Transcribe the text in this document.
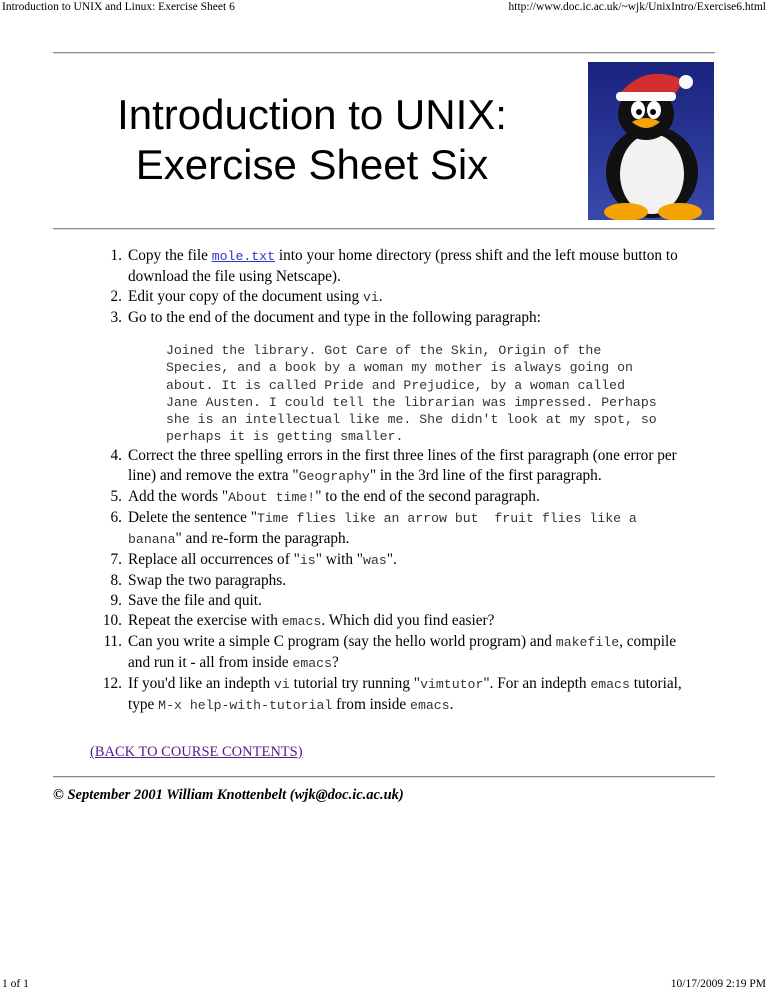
Introduction to UNIX and Linux: Exercise Sheet 6	http://www.doc.ic.ac.uk/~wjk/UnixIntro/Exercise6.html
Introduction to UNIX:
Exercise Sheet Six
1. Copy the file mole.txt into your home directory (press shift and the left mouse button to download the file using Netscape).
2. Edit your copy of the document using vi.
3. Go to the end of the document and type in the following paragraph:
Joined the library. Got Care of the Skin, Origin of the
Species, and a book by a woman my mother is always going on
about. It is called Pride and Prejudice, by a woman called
Jane Austen. I could tell the librarian was impressed. Perhaps
she is an intellectual like me. She didn't look at my spot, so
perhaps it is getting smaller.
4. Correct the three spelling errors in the first three lines of the first paragraph (one error per line) and remove the extra "Geography" in the 3rd line of the first paragraph.
5. Add the words "About time!" to the end of the second paragraph.
6. Delete the sentence "Time flies like an arrow but  fruit flies like a banana" and re-form the paragraph.
7. Replace all occurrences of "is" with "was".
8. Swap the two paragraphs.
9. Save the file and quit.
10. Repeat the exercise with emacs. Which did you find easier?
11. Can you write a simple C program (say the hello world program) and makefile, compile and run it - all from inside emacs?
12. If you'd like an indepth vi tutorial try running "vimtutor". For an indepth emacs tutorial, type M-x help-with-tutorial from inside emacs.
(BACK TO COURSE CONTENTS)
© September 2001 William Knottenbelt (wjk@doc.ic.ac.uk)
1 of 1	10/17/2009 2:19 PM
